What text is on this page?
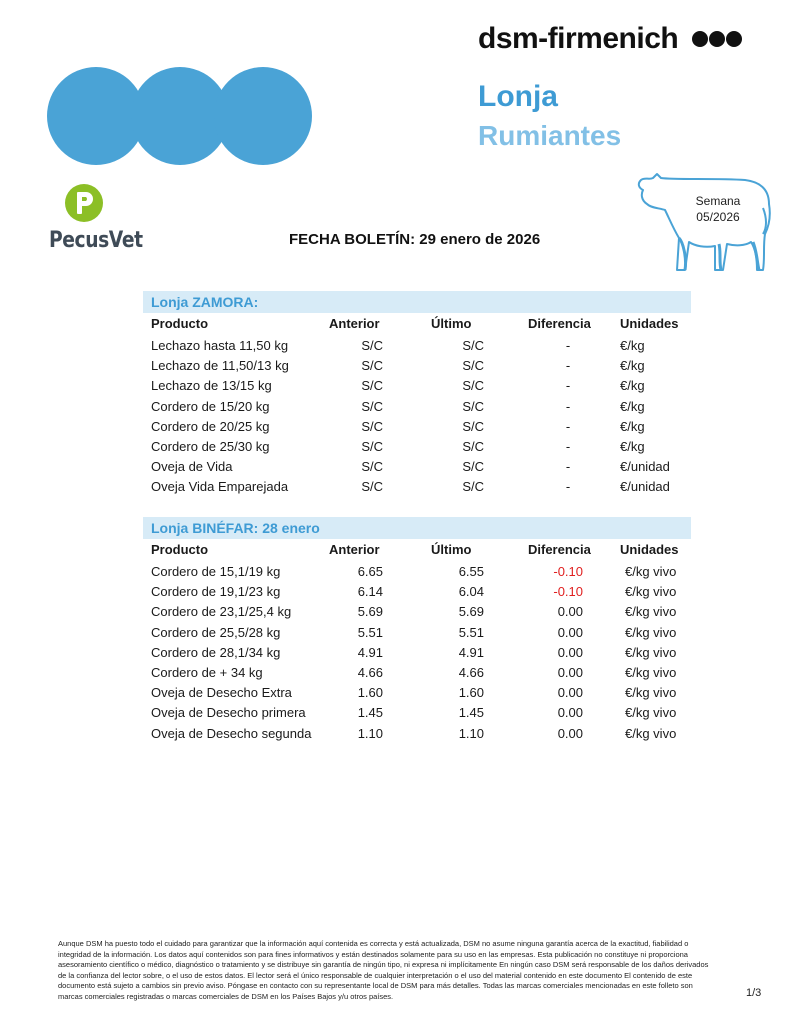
dsm-firmenich
Lonja
Rumiantes
PecusVet
Semana
05/2026
FECHA BOLETÍN: 29 enero de 2026
Lonja ZAMORA:
Producto	Anterior	Último	Diferencia Unidades
Lechazo hasta 11,50 kg	S/C	S/C	-	€/kg
Lechazo de 11,50/13 kg	S/C	S/C	-	€/kg
Lechazo de 13/15 kg	S/C	S/C	-	€/kg
Cordero de 15/20 kg	S/C	S/C	-	€/kg
Cordero de 20/25 kg	S/C	S/C	-	€/kg
Cordero de 25/30 kg	S/C	S/C	-	€/kg
Oveja de Vida	S/C	S/C	-	€/unidad
Oveja Vida Emparejada	S/C	S/C	-	€/unidad
Lonja BINÉFAR: 28 enero
Producto	Anterior	Último	Diferencia Unidades
Cordero de 15,1/19 kg	6.65	6.55	-0.10	€/kg vivo
Cordero de 19,1/23 kg	6.14	6.04	-0.10	€/kg vivo
Cordero de 23,1/25,4 kg	5.69	5.69	0.00	€/kg vivo
Cordero de 25,5/28 kg	5.51	5.51	0.00	€/kg vivo
Cordero de 28,1/34 kg	4.91	4.91	0.00	€/kg vivo
Cordero de + 34 kg	4.66	4.66	0.00	€/kg vivo
Oveja de Desecho Extra	1.60	1.60	0.00	€/kg vivo
Oveja de Desecho primera	1.45	1.45	0.00	€/kg vivo
Oveja de Desecho segunda	1.10	1.10	0.00	€/kg vivo
Aunque DSM ha puesto todo el cuidado para garantizar que la información aquí contenida es correcta y está actualizada, DSM no asume ninguna garantía acerca de la exactitud, fiabilidad o integridad de la información. Los datos aquí contenidos son para fines informativos y están destinados solamente para su uso en las empresas. Esta publicación no constituye ni proporciona asesoramiento científico o médico, diagnóstico o tratamiento y se distribuye sin garantía de ningún tipo, ni expresa ni implícitamente En ningún caso DSM será responsable de los daños derivados de la confianza del lector sobre, o el uso de estos datos. El lector será el único responsable de cualquier interpretación o el uso del material contenido en este documento El contenido de este documento está sujeto a cambios sin previo aviso. Póngase en contacto con su representante local de DSM para más detalles. Todas las marcas comerciales mencionadas en este folleto son marcas comerciales registradas o marcas comerciales de DSM en los Países Bajos y/u otros países.	1/3
